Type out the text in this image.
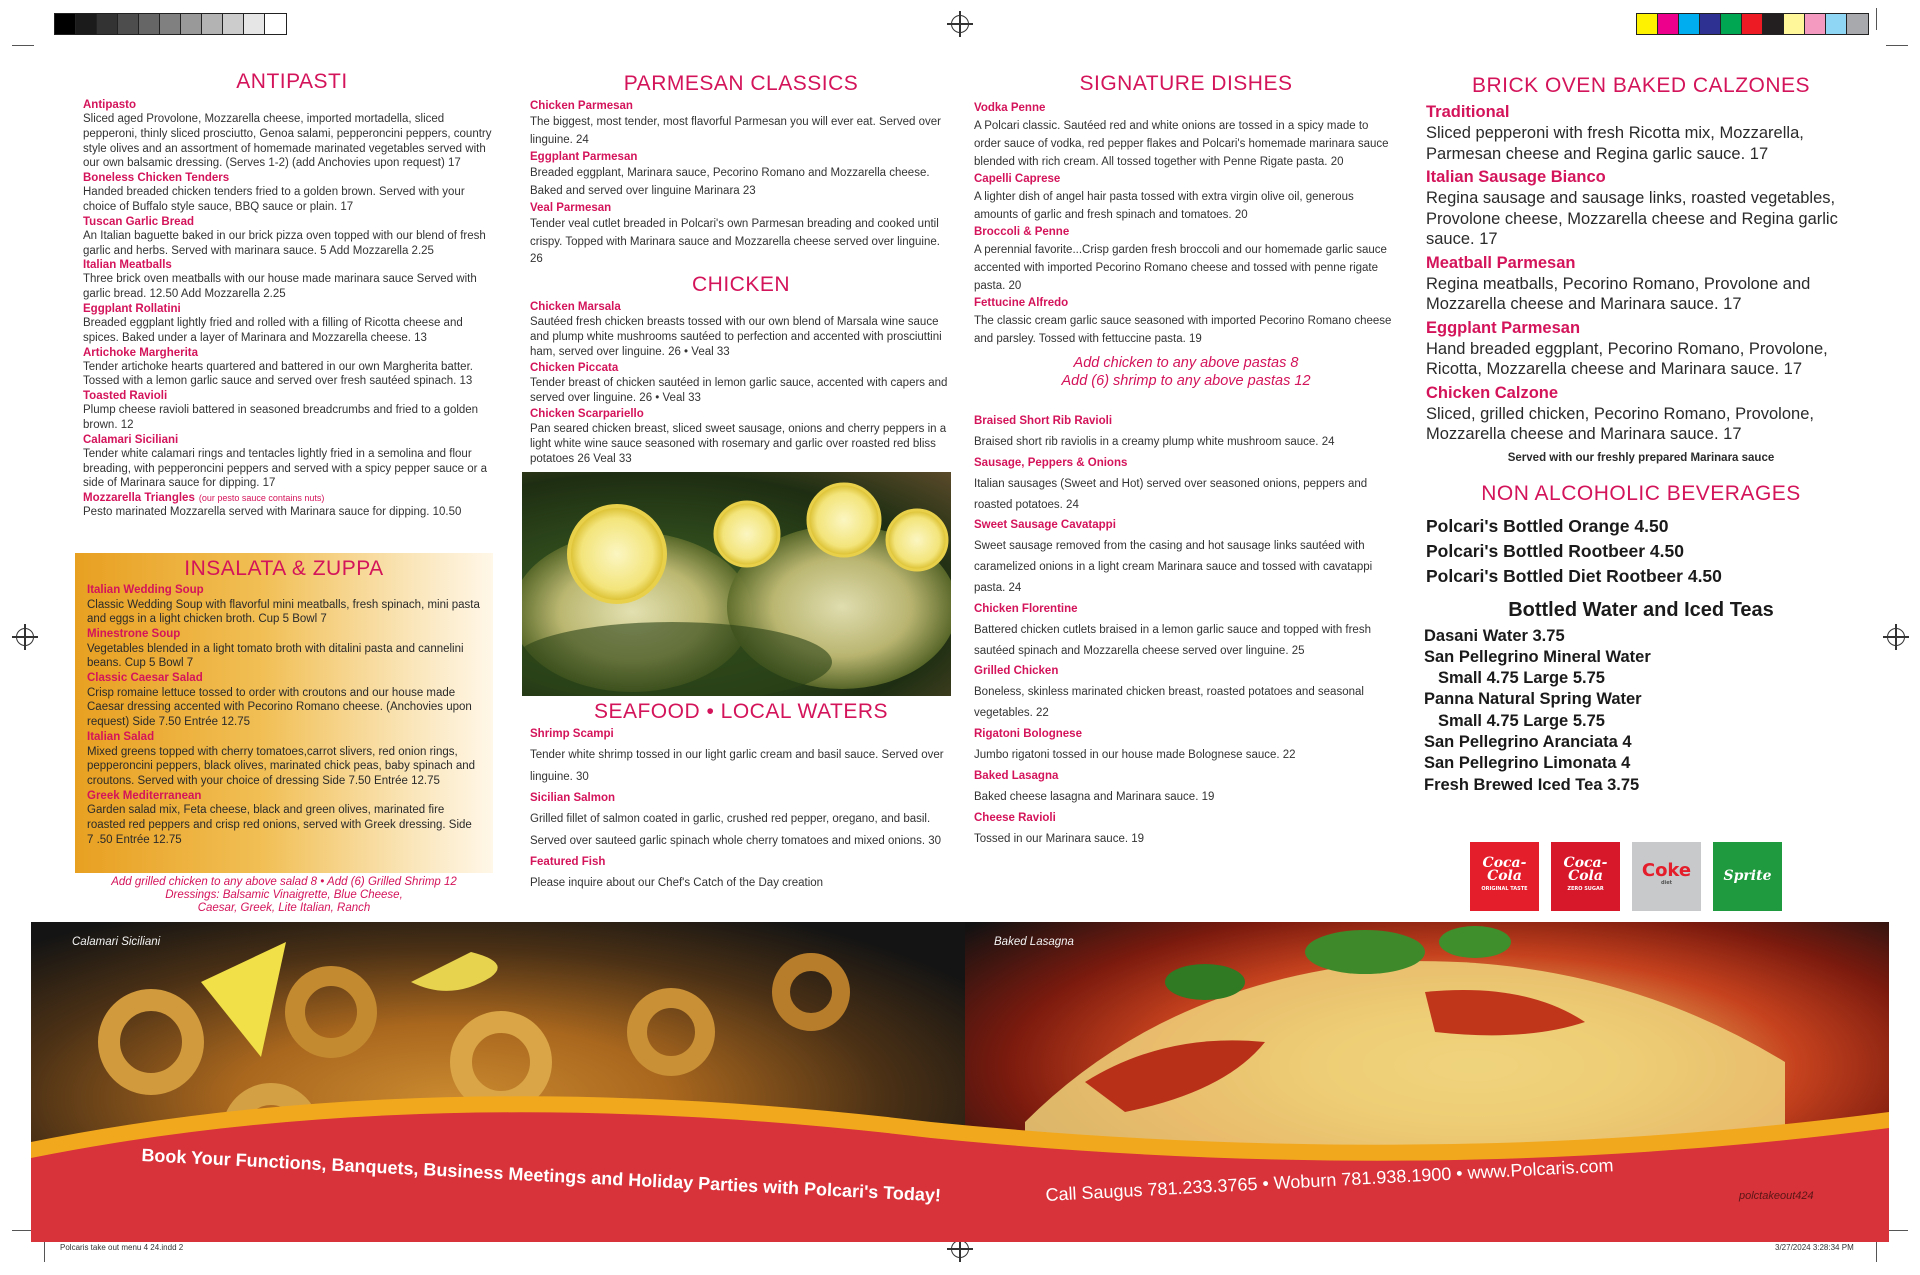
Polcaris take out menu 4 24.indd 2	3/27/2024 3:28:34 PM
ANTIPASTI
Antipasto
Sliced aged Provolone, Mozzarella cheese, imported mortadella, sliced pepperoni, thinly sliced prosciutto, Genoa salami, pepperoncini peppers, country style olives and an assortment of homemade marinated vegetables served with our own balsamic dressing. (Serves 1-2) (add Anchovies upon request) 17
Boneless Chicken Tenders
Handed breaded chicken tenders fried to a golden brown. Served with your choice of Buffalo style sauce, BBQ sauce or plain. 17
Tuscan Garlic Bread
An Italian baguette baked in our brick pizza oven topped with our blend of fresh garlic and herbs. Served with marinara sauce. 5 Add Mozzarella 2.25
Italian Meatballs
Three brick oven meatballs with our house made marinara sauce Served with garlic bread. 12.50 Add Mozzarella 2.25
Eggplant Rollatini
Breaded eggplant lightly fried and rolled with a filling of Ricotta cheese and spices. Baked under a layer of Marinara and Mozzarella cheese. 13
Artichoke Margherita
Tender artichoke hearts quartered and battered in our own Margherita batter. Tossed with a lemon garlic sauce and served over fresh sautéed spinach. 13
Toasted Ravioli
Plump cheese ravioli battered in seasoned breadcrumbs and fried to a golden brown. 12
Calamari Siciliani
Tender white calamari rings and tentacles lightly fried in a semolina and flour breading, with pepperoncini peppers and served with a spicy pepper sauce or a side of Marinara sauce for dipping. 17
Mozzarella Triangles (our pesto sauce contains nuts)
Pesto marinated Mozzarella served with Marinara sauce for dipping. 10.50
INSALATA & ZUPPA
Italian Wedding Soup
Classic Wedding Soup with flavorful mini meatballs, fresh spinach, mini pasta and eggs in a light chicken broth. Cup 5 Bowl 7
Minestrone Soup
Vegetables blended in a light tomato broth with ditalini pasta and cannelini beans. Cup 5 Bowl 7
Classic Caesar Salad
Crisp romaine lettuce tossed to order with croutons and our house made Caesar dressing accented with Pecorino Romano cheese. (Anchovies upon request) Side 7.50 Entrée 12.75
Italian Salad
Mixed greens topped with cherry tomatoes,carrot slivers, red onion rings, pepperoncini peppers, black olives, marinated chick peas, baby spinach and croutons. Served with your choice of dressing Side 7.50 Entrée 12.75
Greek Mediterranean
Garden salad mix, Feta cheese, black and green olives, marinated fire roasted red peppers and crisp red onions, served with Greek dressing. Side 7 .50 Entrée 12.75
Add grilled chicken to any above salad 8 • Add (6) Grilled Shrimp 12
Dressings: Balsamic Vinaigrette, Blue Cheese,
Caesar, Greek, Lite Italian, Ranch
PARMESAN CLASSICS
Chicken Parmesan
The biggest, most tender, most flavorful Parmesan you will ever eat. Served over linguine. 24
Eggplant Parmesan
Breaded eggplant, Marinara sauce, Pecorino Romano and Mozzarella cheese. Baked and served over linguine Marinara 23
Veal Parmesan
Tender veal cutlet breaded in Polcari's own Parmesan breading and cooked until crispy. Topped with Marinara sauce and Mozzarella cheese served over linguine. 26
CHICKEN
Chicken Marsala
Sautéed fresh chicken breasts tossed with our own blend of Marsala wine sauce and plump white mushrooms sautéed to perfection and accented with prosciuttini ham, served over linguine. 26 • Veal 33
Chicken Piccata
Tender breast of chicken sautéed in lemon garlic sauce, accented with capers and served over linguine. 26 • Veal 33
Chicken Scarpariello
Pan seared chicken breast, sliced sweet sausage, onions and cherry peppers in a light white wine sauce seasoned with rosemary and garlic over roasted red bliss potatoes 26 Veal 33
SEAFOOD • LOCAL WATERS
Shrimp Scampi
Tender white shrimp tossed in our light garlic cream and basil sauce. Served over linguine. 30
Sicilian Salmon
Grilled fillet of salmon coated in garlic, crushed red pepper, oregano, and basil. Served over sauteed garlic spinach whole cherry tomatoes and mixed onions. 30
Featured Fish
Please inquire about our Chef's Catch of the Day creation
SIGNATURE DISHES
Vodka Penne
A Polcari classic. Sautéed red and white onions are tossed in a spicy made to order sauce of vodka, red pepper flakes and Polcari's homemade marinara sauce blended with rich cream. All tossed together with Penne Rigate pasta. 20
Capelli Caprese
A lighter dish of angel hair pasta tossed with extra virgin olive oil, generous amounts of garlic and fresh spinach and tomatoes. 20
Broccoli & Penne
A perennial favorite...Crisp garden fresh broccoli and our homemade garlic sauce accented with imported Pecorino Romano cheese and tossed with penne rigate pasta. 20
Fettucine Alfredo
The classic cream garlic sauce seasoned with imported Pecorino Romano cheese and parsley. Tossed with fettuccine pasta. 19
Add chicken to any above pastas 8
Add (6) shrimp to any above pastas 12
Braised Short Rib Ravioli
Braised short rib raviolis in a creamy plump white mushroom sauce. 24
Sausage, Peppers & Onions
Italian sausages (Sweet and Hot) served over seasoned onions, peppers and roasted potatoes. 24
Sweet Sausage Cavatappi
Sweet sausage removed from the casing and hot sausage links sautéed with caramelized onions in a light cream Marinara sauce and tossed with cavatappi pasta. 24
Chicken Florentine
Battered chicken cutlets braised in a lemon garlic sauce and topped with fresh sautéed spinach and Mozzarella cheese served over linguine. 25
Grilled Chicken
Boneless, skinless marinated chicken breast, roasted potatoes and seasonal vegetables. 22
Rigatoni Bolognese
Jumbo rigatoni tossed in our house made Bolognese sauce. 22
Baked Lasagna
Baked cheese lasagna and Marinara sauce. 19
Cheese Ravioli
Tossed in our Marinara sauce. 19
BRICK OVEN BAKED CALZONES
Traditional
Sliced pepperoni with fresh Ricotta mix, Mozzarella, Parmesan cheese and Regina garlic sauce. 17
Italian Sausage Bianco
Regina sausage and sausage links, roasted vegetables, Provolone cheese, Mozzarella cheese and Regina garlic sauce. 17
Meatball Parmesan
Regina meatballs, Pecorino Romano, Provolone and Mozzarella cheese and Marinara sauce. 17
Eggplant Parmesan
Hand breaded eggplant, Pecorino Romano, Provolone, Ricotta, Mozzarella cheese and Marinara sauce. 17
Chicken Calzone
Sliced, grilled chicken, Pecorino Romano, Provolone, Mozzarella cheese and Marinara sauce. 17
Served with our freshly prepared Marinara sauce
NON ALCOHOLIC BEVERAGES
Polcari's Bottled Orange 4.50
Polcari's Bottled Rootbeer 4.50
Polcari's Bottled Diet Rootbeer 4.50
Bottled Water and Iced Teas
Dasani Water 3.75
San Pellegrino Mineral Water
Small 4.75 Large 5.75
Panna Natural Spring Water
Small 4.75 Large 5.75
San Pellegrino Aranciata 4
San Pellegrino Limonata 4
Fresh Brewed Iced Tea 3.75
Coca-Cola
ORIGINAL TASTE
Coca-Cola
ZERO SUGAR
Coke
diet	Sprite
Calamari Siciliani	Baked Lasagna
Book Your Functions, Banquets, Business Meetings and Holiday Parties with Polcari's Today!	Call Saugus 781.233.3765 • Woburn 781.938.1900 • www.Polcaris.com	polctakeout424
